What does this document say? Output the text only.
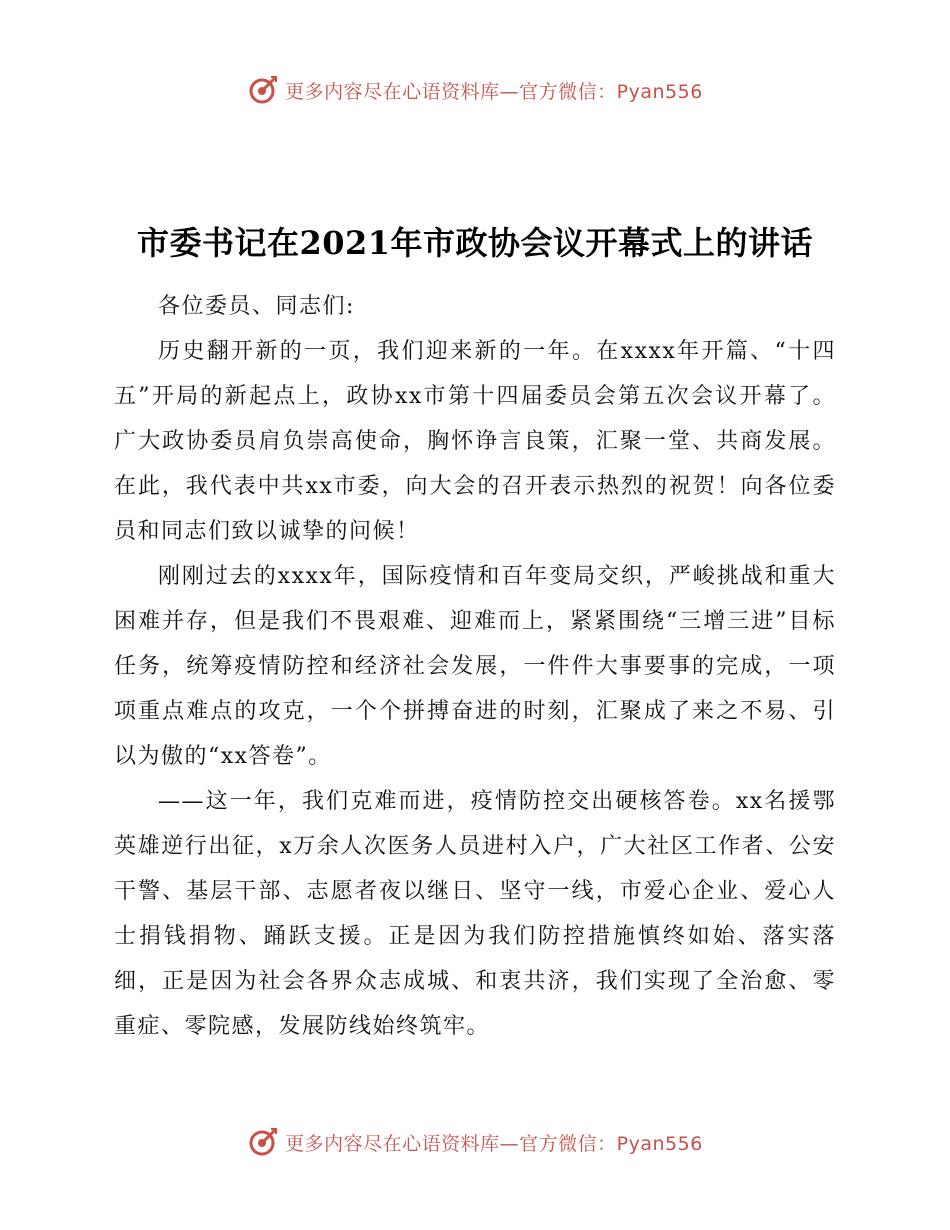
更多内容尽在心语资料库—官方微信：Pyan556
市委书记在2021年市政协会议开幕式上的讲话

各位委员、同志们:

历史翻开新的一页，我们迎来新的一年。在xxxx年开篇、“十四五”开局的新起点上，政协xx市第十四届委员会第五次会议开幕了。广大政协委员肩负崇高使命，胸怀诤言良策，汇聚一堂、共商发展。在此，我代表中共xx市委，向大会的召开表示热烈的祝贺！向各位委员和同志们致以诚挚的问候！

刚刚过去的xxxx年，国际疫情和百年变局交织，严峻挑战和重大困难并存，但是我们不畏艰难、迎难而上，紧紧围绕“三增三进”目标任务，统筹疫情防控和经济社会发展，一件件大事要事的完成，一项项重点难点的攻克，一个个拼搏奋进的时刻，汇聚成了来之不易、引以为傲的“xx答卷”。

——这一年，我们克难而进，疫情防控交出硬核答卷。xx名援鄂英雄逆行出征，x万余人次医务人员进村入户，广大社区工作者、公安干警、基层干部、志愿者夜以继日、坚守一线，市爱心企业、爱心人士捐钱捐物、踊跃支援。正是因为我们防控措施慎终如始、落实落细，正是因为社会各界众志成城、和衷共济，我们实现了全治愈、零重症、零院感，发展防线始终筑牢。

更多内容尽在心语资料库—官方微信：Pyan556
